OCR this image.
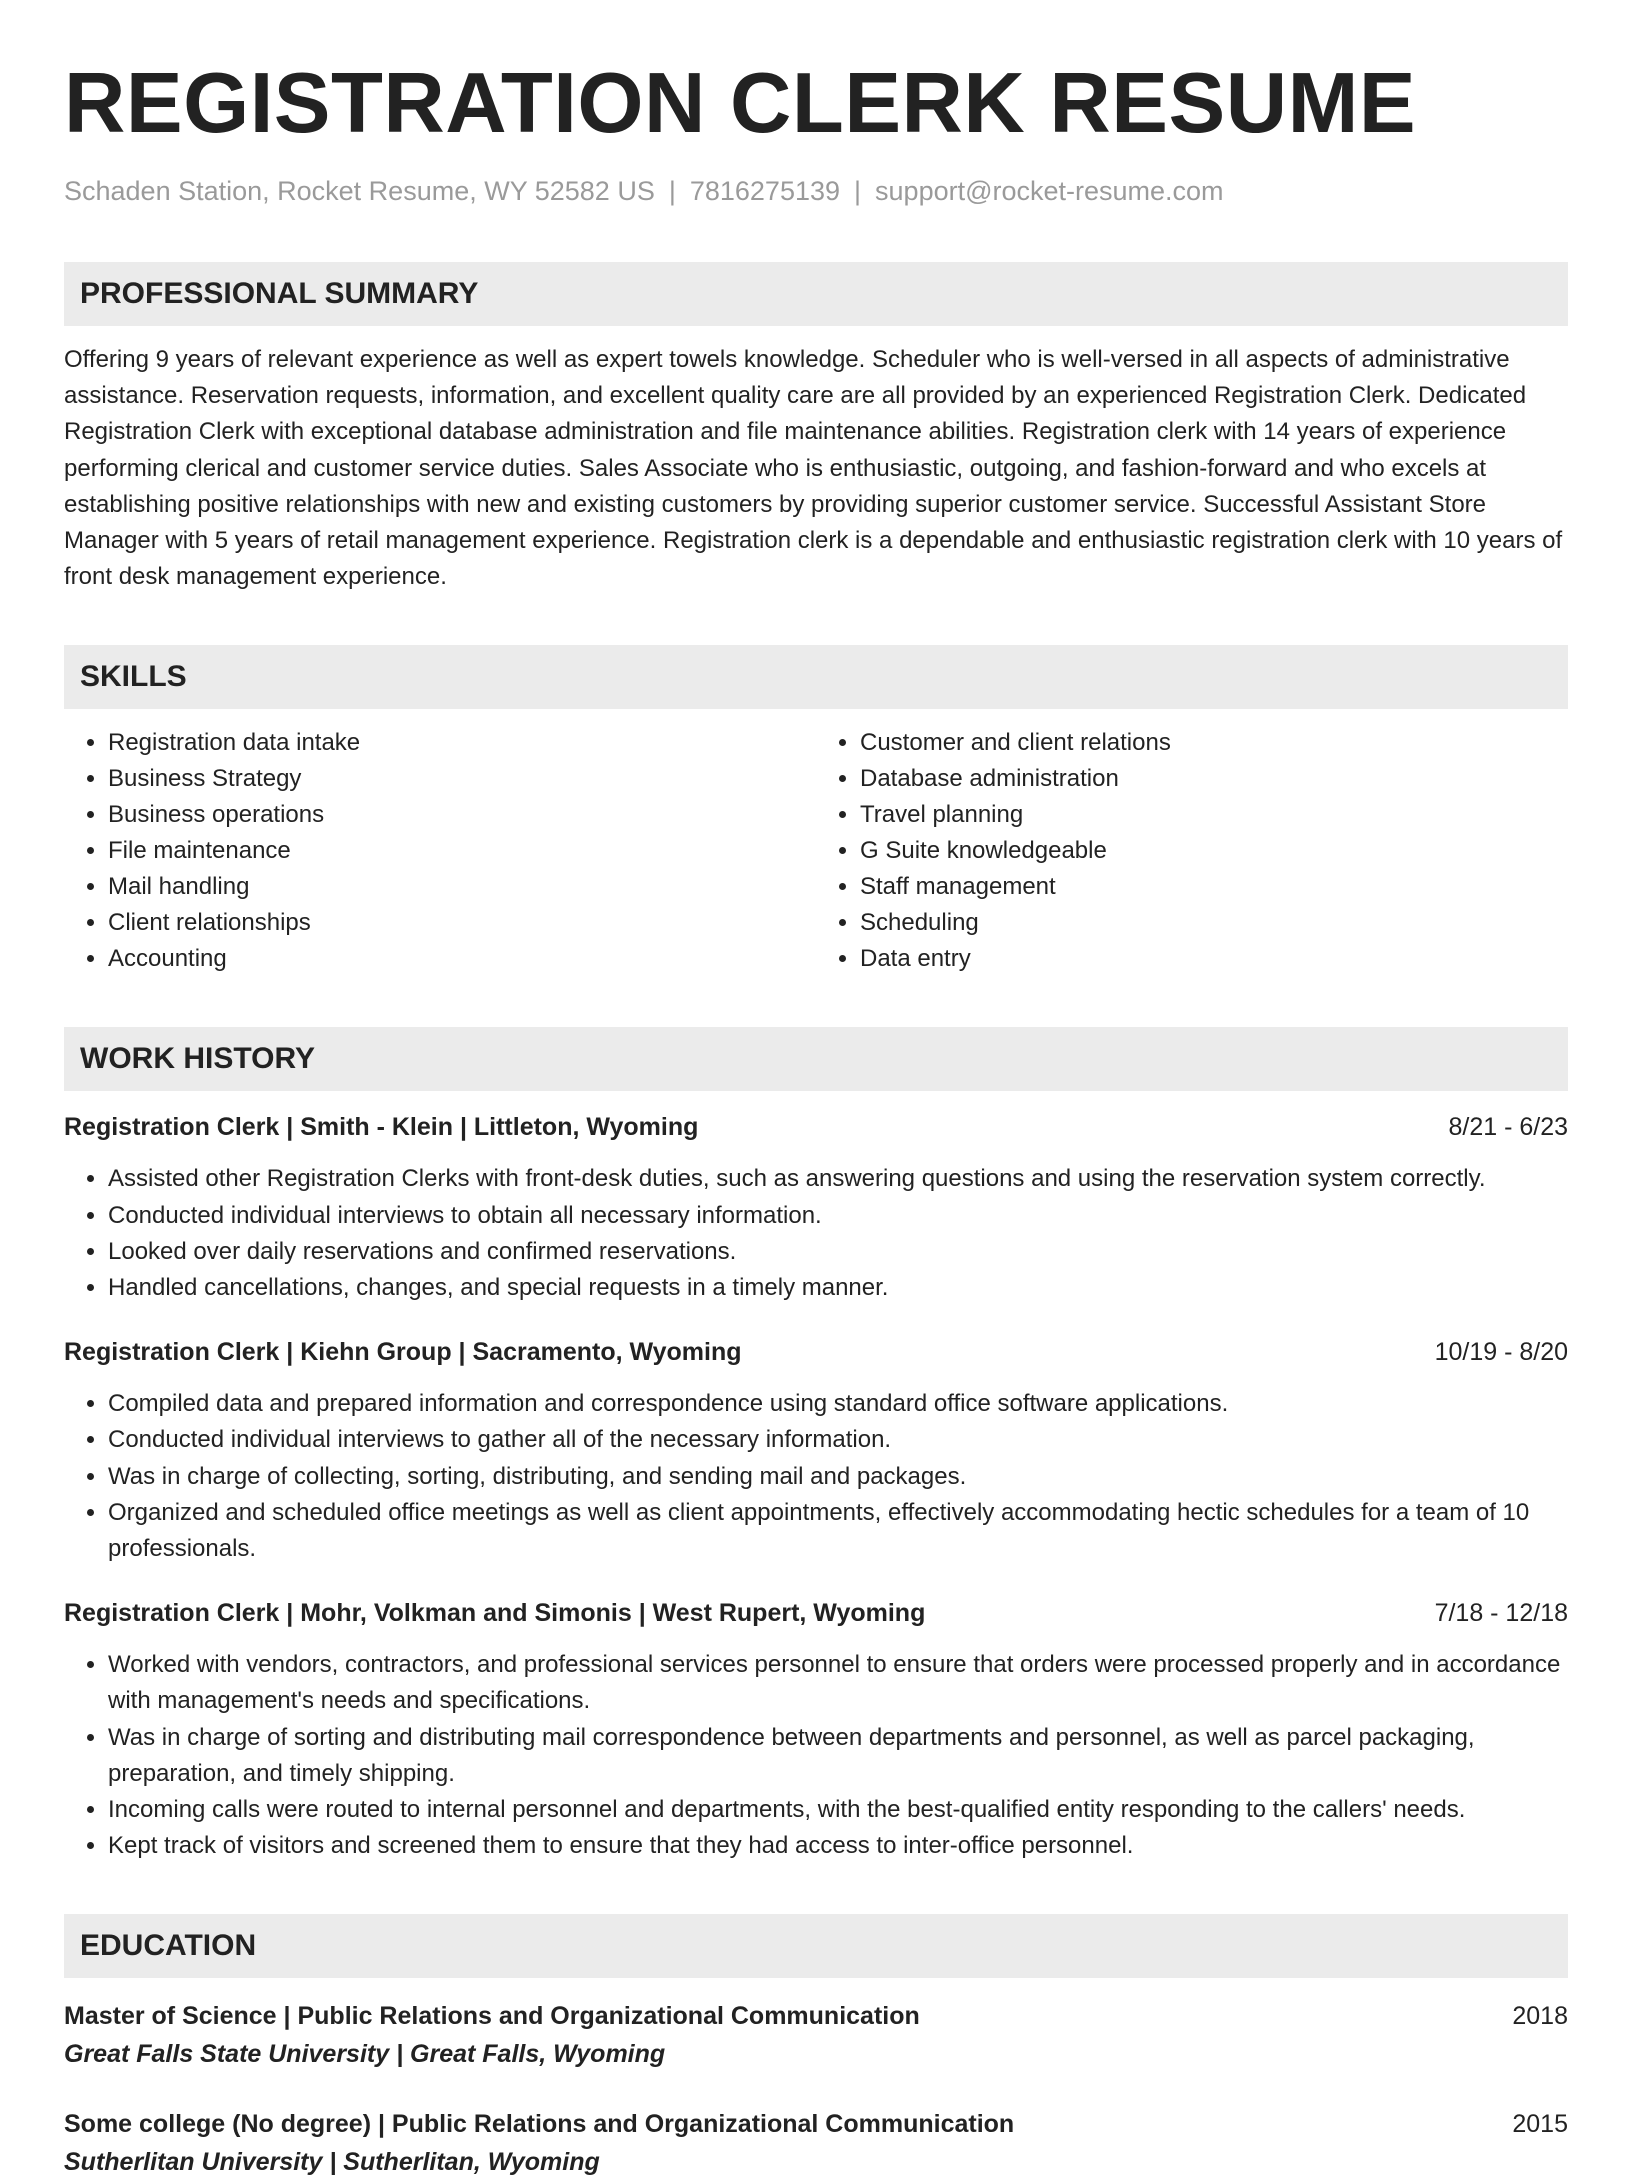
REGISTRATION CLERK RESUME
Schaden Station, Rocket Resume, WY 52582 US | 7816275139 | support@rocket-resume.com
PROFESSIONAL SUMMARY
Offering 9 years of relevant experience as well as expert towels knowledge. Scheduler who is well-versed in all aspects of administrative assistance. Reservation requests, information, and excellent quality care are all provided by an experienced Registration Clerk. Dedicated Registration Clerk with exceptional database administration and file maintenance abilities. Registration clerk with 14 years of experience performing clerical and customer service duties. Sales Associate who is enthusiastic, outgoing, and fashion-forward and who excels at establishing positive relationships with new and existing customers by providing superior customer service. Successful Assistant Store Manager with 5 years of retail management experience. Registration clerk is a dependable and enthusiastic registration clerk with 10 years of front desk management experience.
SKILLS
• Registration data intake
• Business Strategy
• Business operations
• File maintenance
• Mail handling
• Client relationships
• Accounting
• Customer and client relations
• Database administration
• Travel planning
• G Suite knowledgeable
• Staff management
• Scheduling
• Data entry
WORK HISTORY
Registration Clerk | Smith - Klein | Littleton, Wyoming	8/21 - 6/23
• Assisted other Registration Clerks with front-desk duties, such as answering questions and using the reservation system correctly.
• Conducted individual interviews to obtain all necessary information.
• Looked over daily reservations and confirmed reservations.
• Handled cancellations, changes, and special requests in a timely manner.
Registration Clerk | Kiehn Group | Sacramento, Wyoming	10/19 - 8/20
• Compiled data and prepared information and correspondence using standard office software applications.
• Conducted individual interviews to gather all of the necessary information.
• Was in charge of collecting, sorting, distributing, and sending mail and packages.
• Organized and scheduled office meetings as well as client appointments, effectively accommodating hectic schedules for a team of 10 professionals.
Registration Clerk | Mohr, Volkman and Simonis | West Rupert, Wyoming	7/18 - 12/18
• Worked with vendors, contractors, and professional services personnel to ensure that orders were processed properly and in accordance with management's needs and specifications.
• Was in charge of sorting and distributing mail correspondence between departments and personnel, as well as parcel packaging, preparation, and timely shipping.
• Incoming calls were routed to internal personnel and departments, with the best-qualified entity responding to the callers' needs.
• Kept track of visitors and screened them to ensure that they had access to inter-office personnel.
EDUCATION
Master of Science | Public Relations and Organizational Communication	2018
Great Falls State University | Great Falls, Wyoming
Some college (No degree) | Public Relations and Organizational Communication	2015
Sutherlitan University | Sutherlitan, Wyoming
